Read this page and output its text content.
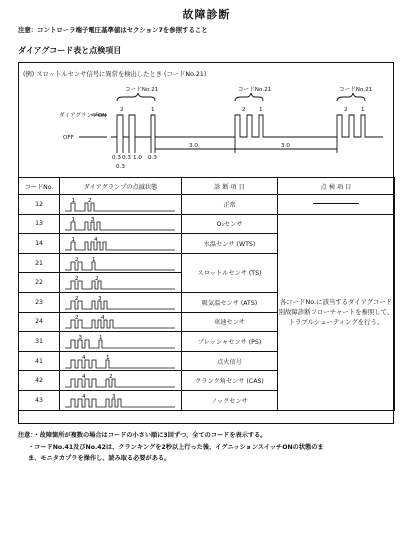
故障診断
注意：コントローラ端子電圧基準値はセクション7を参照すること
ダイアグコード表と点検項目
(例) スロットルセンサ信号に異常を検出したとき (コードNo.21)
コードNo.21	コードNo.21	コードNo.21
2	1	2 1	2 1
ダイアグランプON
OFF
0.3 0.3 1.0 0.3
0.3
3.0	3.0
コードNo.	ダイアグランプの点滅状態	診 断 項 目	点 検 項 目
12	1 2	正常	
13	1 3	O₂センサ	各コードNo.に該当するダイアグコード別故障診断フローチャートを参照して、トラブルシューティングを行う。
14	1 4	水温センサ (WTS)	
21	2 1	スロットルセンサ (TS)	
22	2 2		

23	2 3	吸気温センサ (ATS)	
24	2 4	車速センサ	
31	3 1	プレッシャセンサ (PS)	
41	4 1	点火信号	
42	4 2	クランク角センサ (CAS)	
43	4 3	ノックセンサ	
注意：・故障箇所が複数の場合はコードの小さい順に3回ずつ、全てのコードを表示する。
・コードNo.41及びNo.42は、クランキングを2秒以上行った後、イグニッションスイッチONの状態のま
ま、モニタカプラを操作し、読み取る必要がある。
